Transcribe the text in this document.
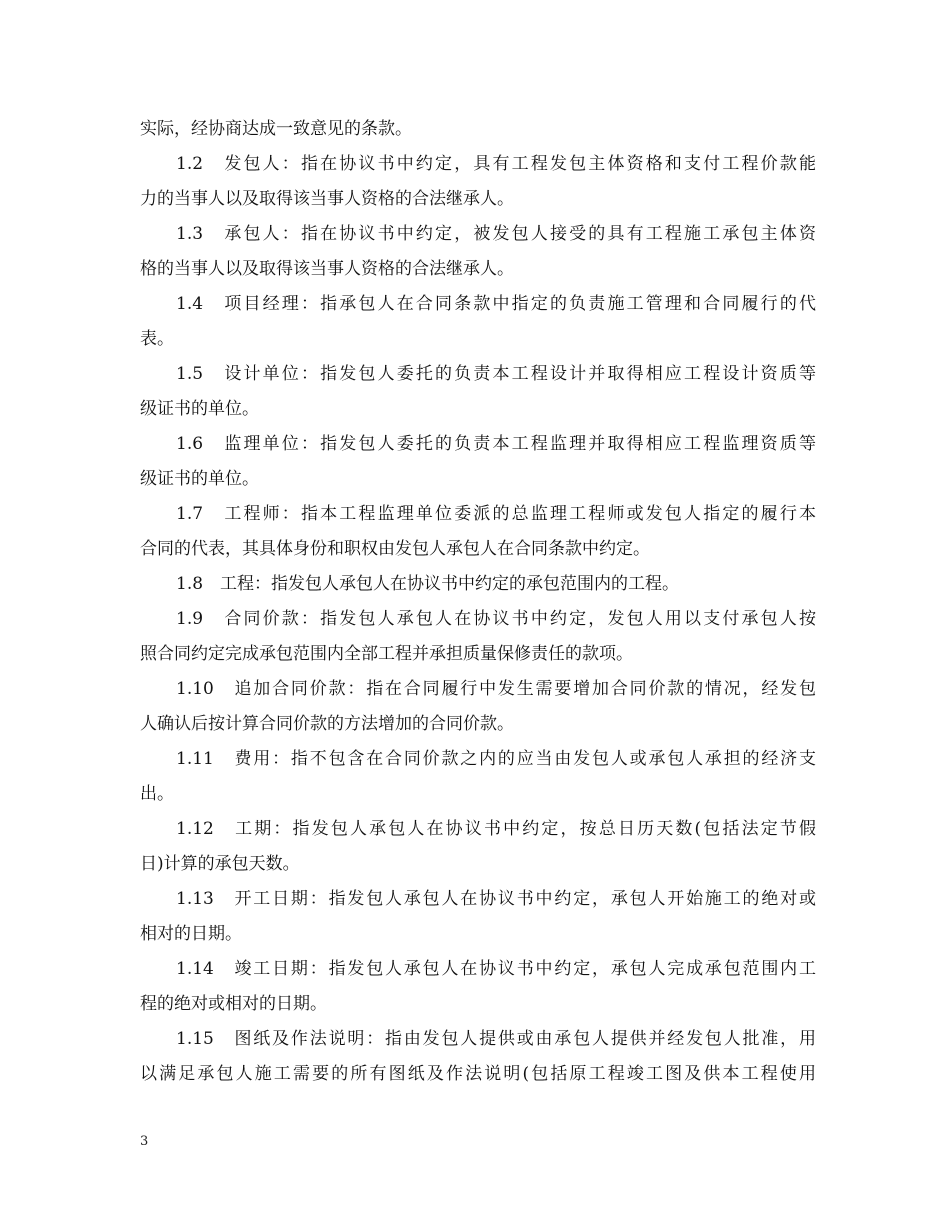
实际，经协商达成一致意见的条款。
1.2　发包人：指在协议书中约定，具有工程发包主体资格和支付工程价款能
力的当事人以及取得该当事人资格的合法继承人。
1.3　承包人：指在协议书中约定，被发包人接受的具有工程施工承包主体资
格的当事人以及取得该当事人资格的合法继承人。
1.4　项目经理：指承包人在合同条款中指定的负责施工管理和合同履行的代
表。
1.5　设计单位：指发包人委托的负责本工程设计并取得相应工程设计资质等
级证书的单位。
1.6　监理单位：指发包人委托的负责本工程监理并取得相应工程监理资质等
级证书的单位。
1.7　工程师：指本工程监理单位委派的总监理工程师或发包人指定的履行本
合同的代表，其具体身份和职权由发包人承包人在合同条款中约定。
1.8　工程：指发包人承包人在协议书中约定的承包范围内的工程。
1.9　合同价款：指发包人承包人在协议书中约定，发包人用以支付承包人按
照合同约定完成承包范围内全部工程并承担质量保修责任的款项。
1.10　追加合同价款：指在合同履行中发生需要增加合同价款的情况，经发包
人确认后按计算合同价款的方法增加的合同价款。
1.11　费用：指不包含在合同价款之内的应当由发包人或承包人承担的经济支
出。
1.12　工期：指发包人承包人在协议书中约定，按总日历天数(包括法定节假
日)计算的承包天数。
1.13　开工日期：指发包人承包人在协议书中约定，承包人开始施工的绝对或
相对的日期。
1.14　竣工日期：指发包人承包人在协议书中约定，承包人完成承包范围内工
程的绝对或相对的日期。
1.15　图纸及作法说明：指由发包人提供或由承包人提供并经发包人批准，用
以满足承包人施工需要的所有图纸及作法说明(包括原工程竣工图及供本工程使用
3
